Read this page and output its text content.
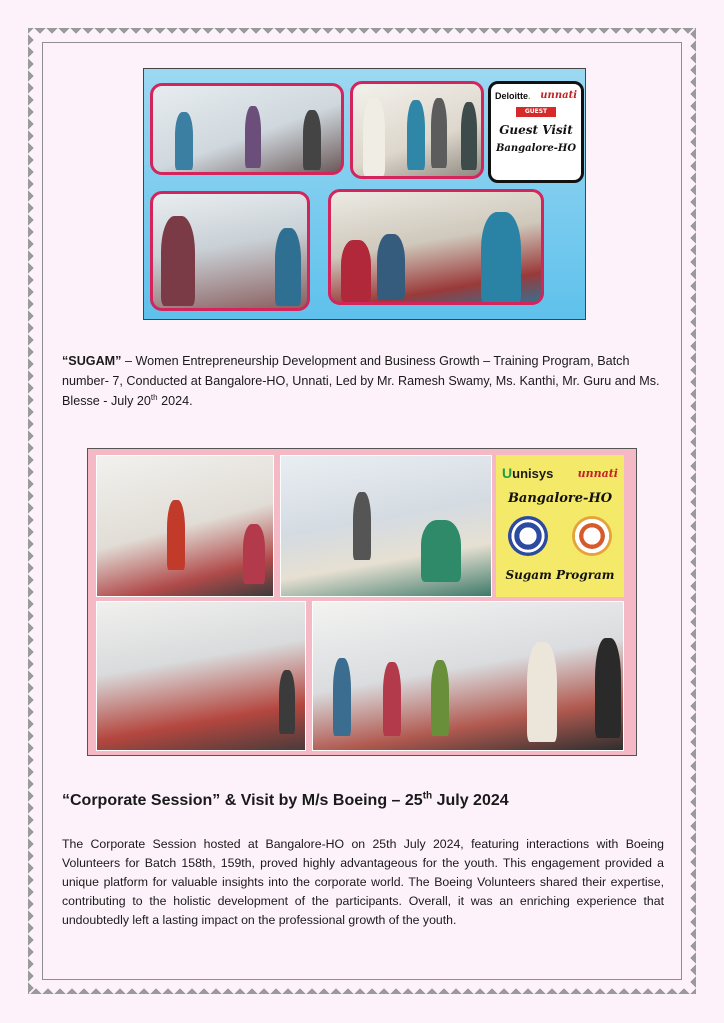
Deloitte . unnati
GUEST
Guest Visit
Bangalore-HO

“SUGAM” – Women Entrepreneurship Development and Business Growth – Training Program, Batch number- 7, Conducted at Bangalore-HO, Unnati, Led by Mr. Ramesh Swamy, Ms. Kanthi, Mr. Guru and Ms. Blesse - July 20th 2024.

Uunisys unnati
Bangalore-HO
Sugam Program
“Corporate Session” & Visit by M/s Boeing – 25th July 2024

The Corporate Session hosted at Bangalore-HO on 25th July 2024, featuring interactions with Boeing Volunteers for Batch 158th, 159th, proved highly advantageous for the youth. This engagement provided a unique platform for valuable insights into the corporate world. The Boeing Volunteers shared their expertise, contributing to the holistic development of the participants. Overall, it was an enriching experience that undoubtedly left a lasting impact on the professional growth of the youth.
